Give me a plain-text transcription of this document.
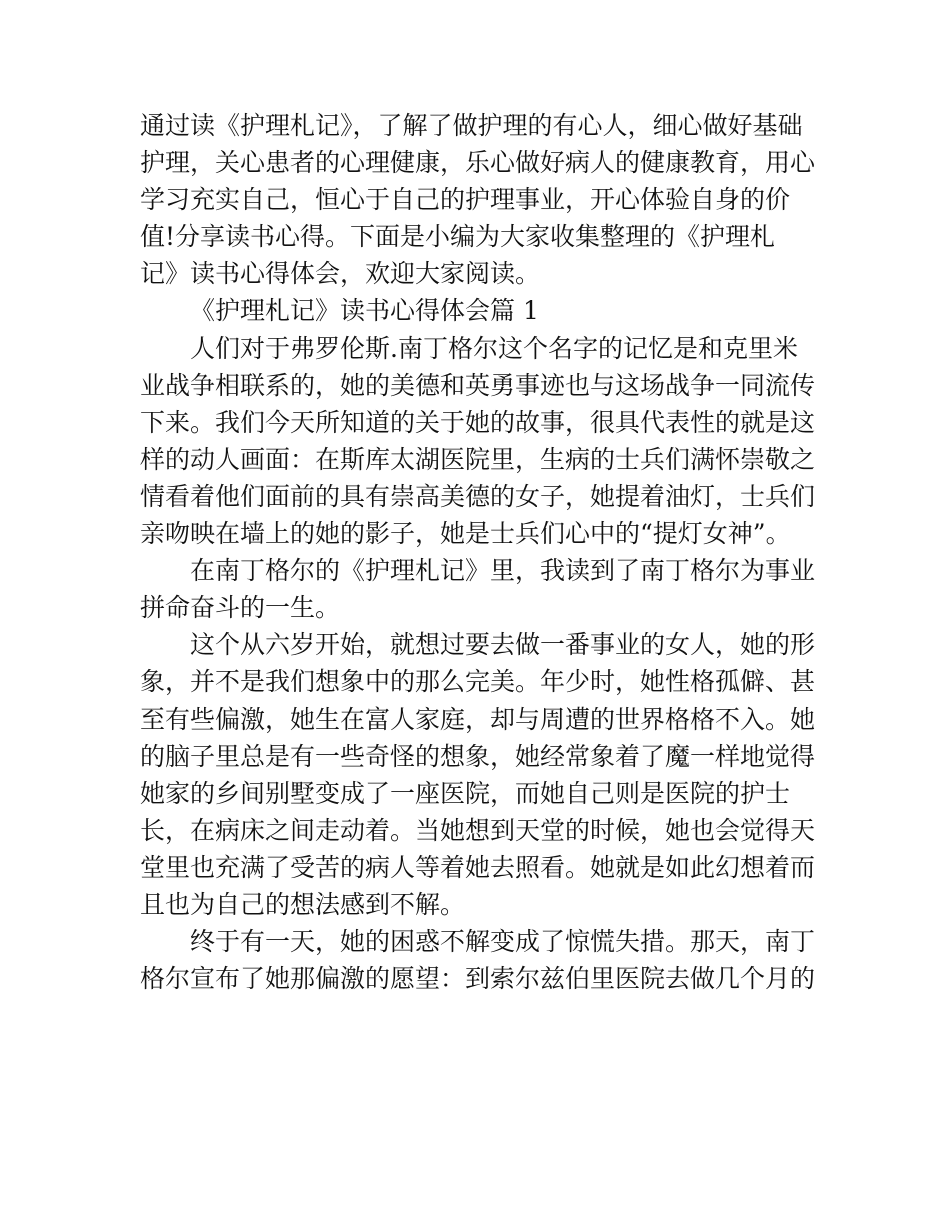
通过读《护理札记》，了解了做护理的有心人，细心做好基础
护理，关心患者的心理健康，乐心做好病人的健康教育，用心
学习充实自己，恒心于自己的护理事业，开心体验自身的价
值!分享读书心得。下面是小编为大家收集整理的《护理札
记》读书心得体会，欢迎大家阅读。
《护理札记》读书心得体会篇 1
人们对于弗罗伦斯.南丁格尔这个名字的记忆是和克里米
业战争相联系的，她的美德和英勇事迹也与这场战争一同流传
下来。我们今天所知道的关于她的故事，很具代表性的就是这
样的动人画面：在斯库太湖医院里，生病的士兵们满怀崇敬之
情看着他们面前的具有崇高美德的女子，她提着油灯，士兵们
亲吻映在墙上的她的影子，她是士兵们心中的“提灯女神”。
在南丁格尔的《护理札记》里，我读到了南丁格尔为事业
拼命奋斗的一生。
这个从六岁开始，就想过要去做一番事业的女人，她的形
象，并不是我们想象中的那么完美。年少时，她性格孤僻、甚
至有些偏激，她生在富人家庭，却与周遭的世界格格不入。她
的脑子里总是有一些奇怪的想象，她经常象着了魔一样地觉得
她家的乡间别墅变成了一座医院，而她自己则是医院的护士
长，在病床之间走动着。当她想到天堂的时候，她也会觉得天
堂里也充满了受苦的病人等着她去照看。她就是如此幻想着而
且也为自己的想法感到不解。
终于有一天，她的困惑不解变成了惊慌失措。那天，南丁
格尔宣布了她那偏激的愿望：到索尔兹伯里医院去做几个月的
